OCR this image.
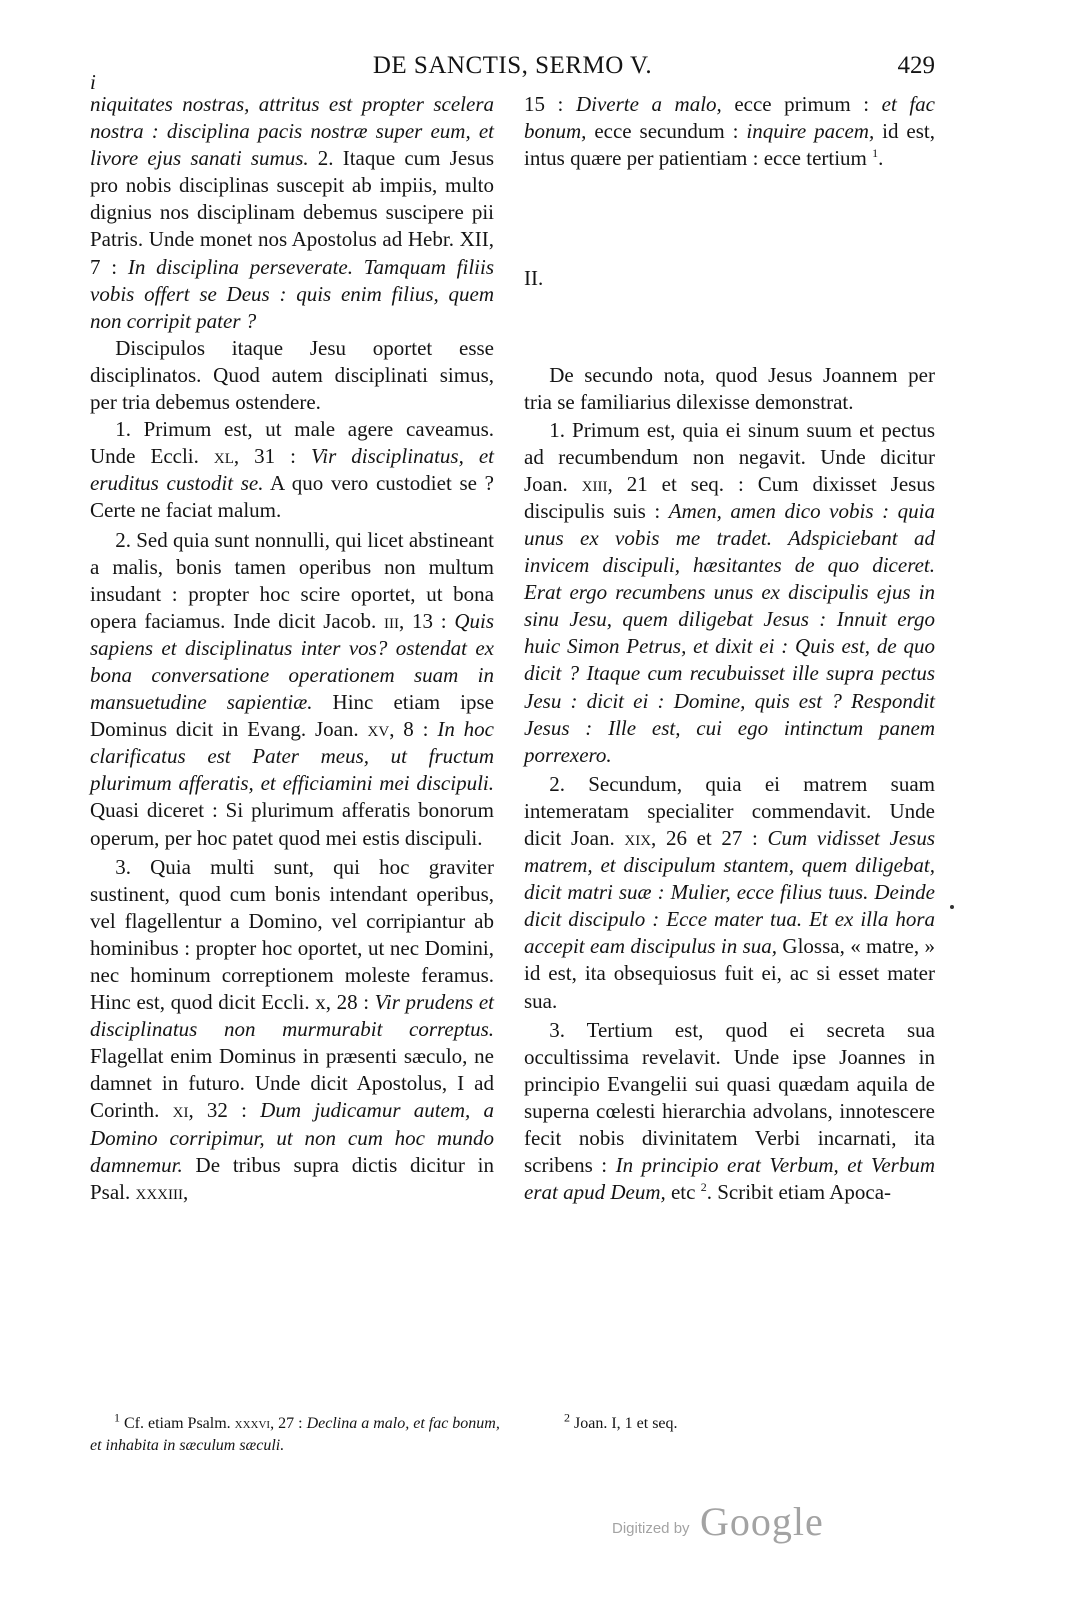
DE SANCTIS, SERMO V.	429
i

niquitates nostras, attritus est propter scelera nostra : disciplina pacis nostræ super eum, et livore ejus sanati sumus. 2. Itaque cum Jesus pro nobis disciplinas suscepit ab impiis, multo dignius nos disciplinam debemus suscipere pii Patris. Unde monet nos Apostolus ad Hebr. XII, 7 : In disciplina perseverate. Tamquam filiis vobis offert se Deus : quis enim filius, quem non corripit pater ?

Discipulos itaque Jesu oportet esse disciplinatos. Quod autem disciplinati simus, per tria debemus ostendere.

1. Primum est, ut male agere caveamus. Unde Eccli. xl, 31 : Vir disciplinatus, et eruditus custodit se. A quo vero custodiet se ? Certe ne faciat malum.

2. Sed quia sunt nonnulli, qui licet abstineant a malis, bonis tamen operibus non multum insudant : propter hoc scire oportet, ut bona opera faciamus. Inde dicit Jacob. iii, 13 : Quis sapiens et disciplinatus inter vos? ostendat ex bona conversatione operationem suam in mansuetudine sapientiæ. Hinc etiam ipse Dominus dicit in Evang. Joan. xv, 8 : In hoc clarificatus est Pater meus, ut fructum plurimum afferatis, et efficiamini mei discipuli. Quasi diceret : Si plurimum afferatis bonorum operum, per hoc patet quod mei estis discipuli.

3. Quia multi sunt, qui hoc graviter sustinent, quod cum bonis intendant operibus, vel flagellentur a Domino, vel corripiantur ab hominibus : propter hoc oportet, ut nec Domini, nec hominum correptionem moleste feramus. Hinc est, quod dicit Eccli. x, 28 : Vir prudens et disciplinatus non murmurabit correptus. Flagellat enim Dominus in præsenti sæculo, ne damnet in futuro. Unde dicit Apostolus, I ad Corinth. xi, 32 : Dum judicamur autem, a Domino corripimur, ut non cum hoc mundo damnemur. De tribus supra dictis dicitur in Psal. xxxiii,

15 : Diverte a malo, ecce primum : et fac bonum, ecce secundum : inquire pacem, id est, intus quære per patientiam : ecce tertium $^1$.

II.

De secundo nota, quod Jesus Joannem per tria se familiarius dilexisse demonstrat.

1. Primum est, quia ei sinum suum et pectus ad recumbendum non negavit. Unde dicitur Joan. xiii, 21 et seq. : Cum dixisset Jesus discipulis suis : Amen, amen dico vobis : quia unus ex vobis me tradet. Adspiciebant ad invicem discipuli, hæsitantes de quo diceret. Erat ergo recumbens unus ex discipulis ejus in sinu Jesu, quem diligebat Jesus : Innuit ergo huic Simon Petrus, et dixit ei : Quis est, de quo dicit ? Itaque cum recubuisset ille supra pectus Jesu : dicit ei : Domine, quis est ? Respondit Jesus : Ille est, cui ego intinctum panem porrexero.

2. Secundum, quia ei matrem suam intemeratam specialiter commendavit. Unde dicit Joan. xix, 26 et 27 : Cum vidisset Jesus matrem, et discipulum stantem, quem diligebat, dicit matri suæ : Mulier, ecce filius tuus. Deinde dicit discipulo : Ecce mater tua. Et ex illa hora accepit eam discipulus in sua, Glossa, « matre, » id est, ita obsequiosus fuit ei, ac si esset mater sua.

3. Tertium est, quod ei secreta sua occultissima revelavit. Unde ipse Joannes in principio Evangelii sui quasi quædam aquila de superna cœlesti hierarchia advolans, innotescere fecit nobis divinitatem Verbi incarnati, ita scribens : In principio erat Verbum, et Verbum erat apud Deum, etc $^2$. Scribit etiam Apoca-

$^1$ Cf. etiam Psalm. xxxvi, 27 : Declina a malo, et fac bonum, et inhabita in sæculum sæculi.

$^2$ Joan. I, 1 et seq.

Digitized by Google
